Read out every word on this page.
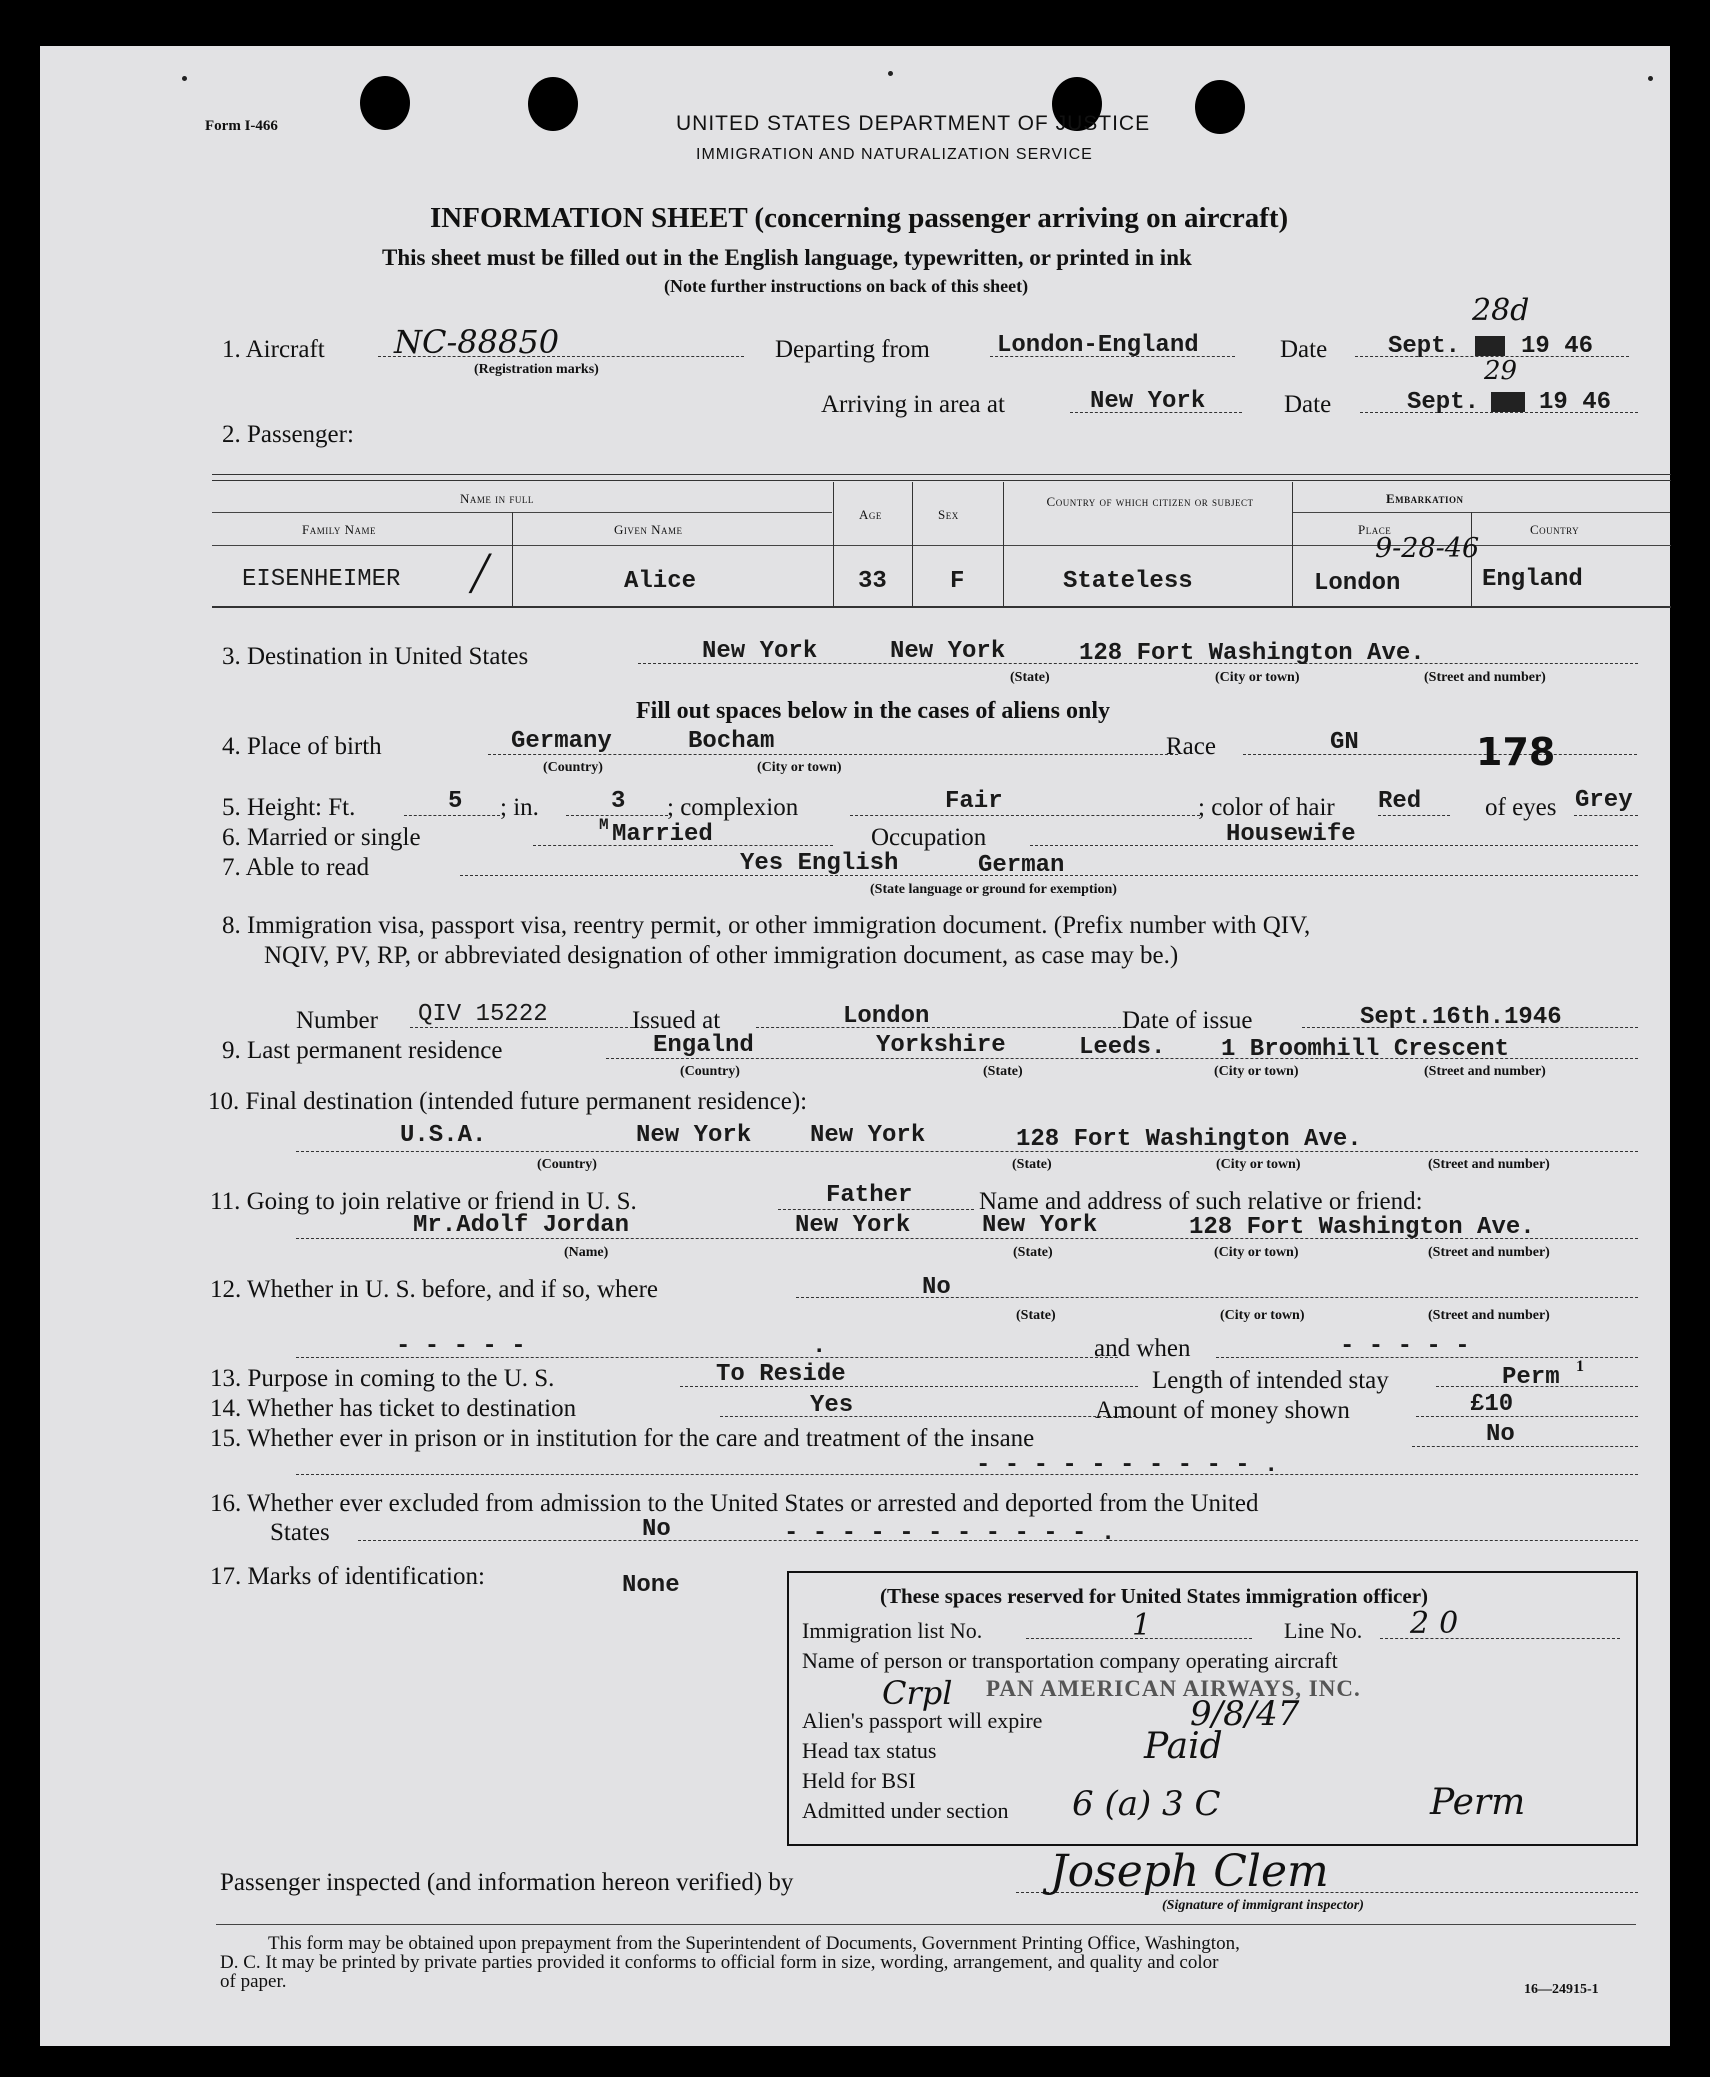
Form I-466	UNITED STATES DEPARTMENT OF JUSTICE
IMMIGRATION AND NATURALIZATION SERVICE
INFORMATION SHEET (concerning passenger arriving on aircraft)
This sheet must be filled out in the English language, typewritten, or printed in ink
(Note further instructions on back of this sheet)
1. Aircraft NC-88850
(Registration marks)
Departing from	London-England	Date	Sept.	19 46
28d
Arriving in area at	New York	Date	Sept. 19 46
29
2. Passenger:
Name in full
Family Name	Given Name
Age	Sex
Country of which citizen or subject	Embarkation
Place	Country
EISENHEIMER ╱	Alice	33	F	Stateless	London	England
9-28-46
3. Destination in United States	New York	New York	128 Fort Washington Ave.
(State)	(City or town)	(Street and number)
Fill out spaces below in the cases of aliens only
4. Place of birth	Germany	Bocham
(Country)	(City or town)
Race	GN	178
5. Height: Ft.	5 ; in.	3 ; complexion	Fair	; color of hair Red	of eyes Grey
6. Married or single	M Married	Occupation	Housewife
7. Able to read	Yes English	German
(State language or ground for exemption)
8. Immigration visa, passport visa, reentry permit, or other immigration document. (Prefix number with QIV,
NQIV, PV, RP, or abbreviated designation of other immigration document, as case may be.)
Number QIV 15222	Issued at	London	Date of issue	Sept.16th.1946
9. Last permanent residence	Engalnd	Yorkshire	Leeds. 1 Broomhill Crescent
(Country)	(State)	(City or town)	(Street and number)
10. Final destination (intended future permanent residence):
U.S.A.	New York New York	128 Fort Washington Ave.
(Country)	(State)	(City or town)	(Street and number)
11. Going to join relative or friend in U. S.	Father	Name and address of such relative or friend:
Mr.Adolf Jordan	New York	New York	128 Fort Washington Ave.
(Name)	(State)	(City or town)	(Street and number)
12. Whether in U. S. before, and if so, where	No
(State)	(City or town)	(Street and number)
- - - - -	.	and when	- - - - -
13. Purpose in coming to the U. S.	To Reside	Length of intended stay	Perm 1
14. Whether has ticket to destination	Yes	Amount of money shown	£10
15. Whether ever in prison or in institution for the care and treatment of the insane	No
- - - - - - - - - - .
16. Whether ever excluded from admission to the United States or arrested and deported from the United
States	No	- - - - - - - - - - - .
17. Marks of identification:	None	(These spaces reserved for United States immigration officer)
Immigration list No.	1	Line No. 20
Name of person or transportation company operating aircraft
PAN AMERICAN AIRWAYS, INC.
Alien's passport will expire
Crpl
9/8/47
Head tax status	Paid
Held for BSI
Admitted under section 6 (a) 3 C	Perm
Passenger inspected (and information hereon verified) by	Joseph Clem
(Signature of immigrant inspector)
This form may be obtained upon prepayment from the Superintendent of Documents, Government Printing Office, Washington,
D. C. It may be printed by private parties provided it conforms to official form in size, wording, arrangement, and quality and color
of paper.	16—24915-1
